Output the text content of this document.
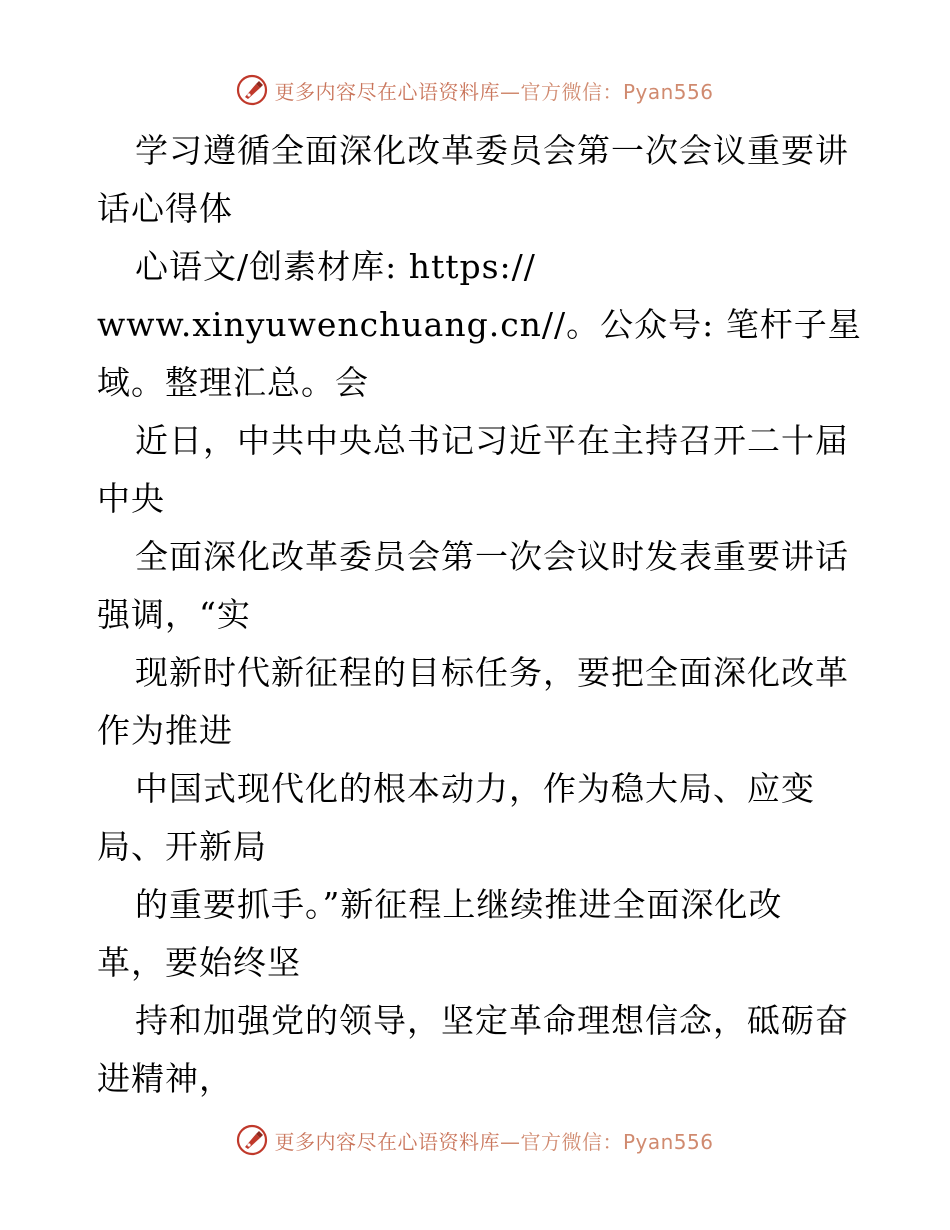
更多内容尽在心语资料库—官方微信：Pyan556
学习遵循全面深化改革委员会第一次会议重要讲
话心得体
心语文/创素材库: https://
www.xinyuwenchuang.cn//。公众号: 笔杆子星
域。整理汇总。会
近日，中共中央总书记习近平在主持召开二十届
中央
全面深化改革委员会第一次会议时发表重要讲话
强调，“实
现新时代新征程的目标任务，要把全面深化改革
作为推进
中国式现代化的根本动力，作为稳大局、应变
局、开新局
的重要抓手。”新征程上继续推进全面深化改
革，要始终坚
持和加强党的领导，坚定革命理想信念，砥砺奋
进精神，
更多内容尽在心语资料库—官方微信：Pyan556
